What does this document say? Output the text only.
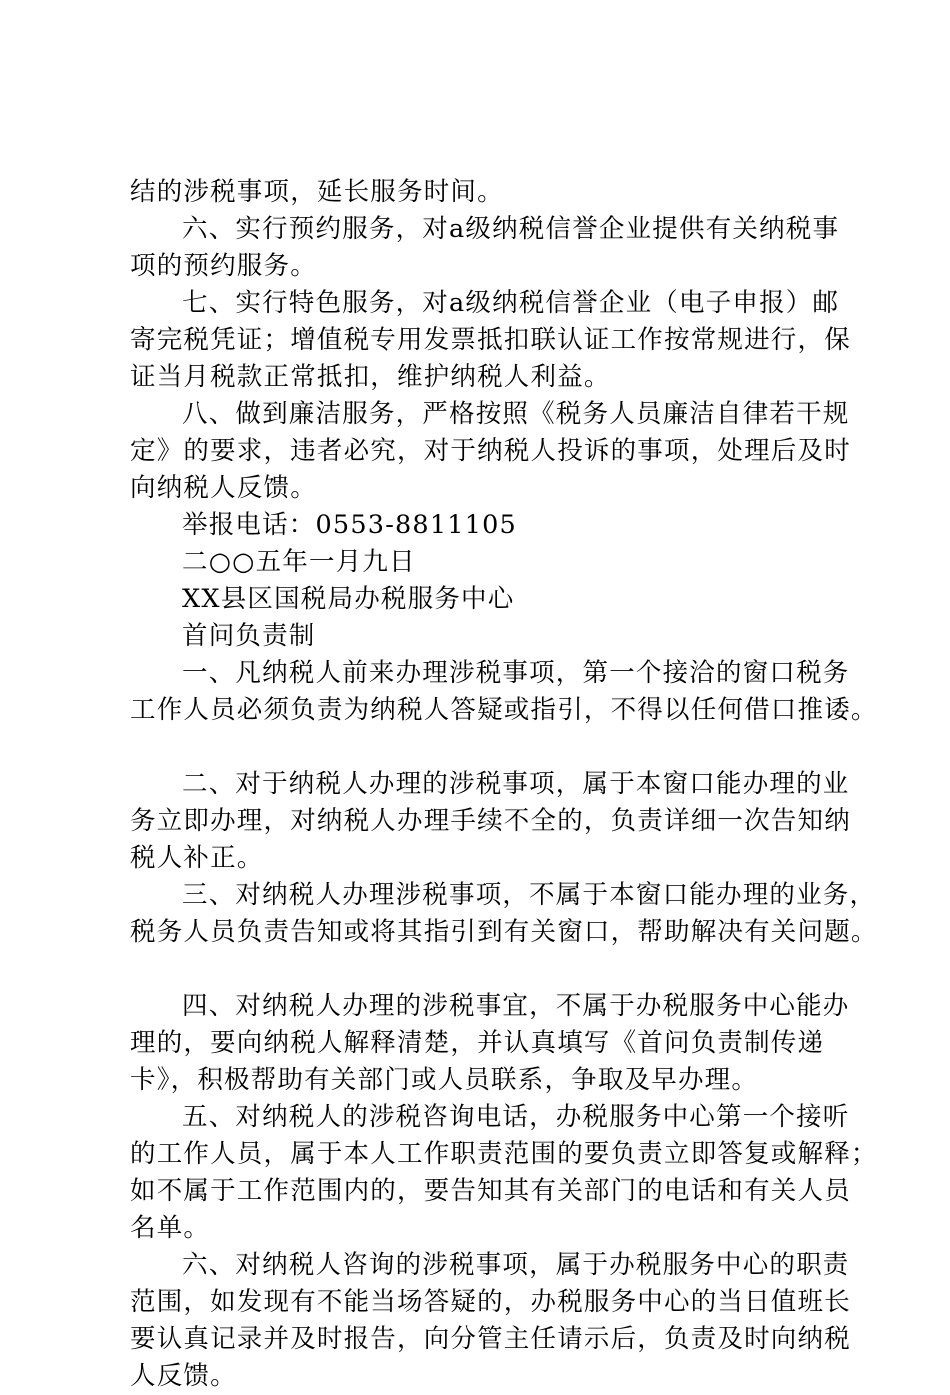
结的涉税事项，延长服务时间。
六、实行预约服务，对a级纳税信誉企业提供有关纳税事
项的预约服务。
七、实行特色服务，对a级纳税信誉企业（电子申报）邮
寄完税凭证；增值税专用发票抵扣联认证工作按常规进行，保
证当月税款正常抵扣，维护纳税人利益。
八、做到廉洁服务，严格按照《税务人员廉洁自律若干规
定》的要求，违者必究，对于纳税人投诉的事项，处理后及时
向纳税人反馈。
举报电话：0553-8811105
二○○五年一月九日
XX县区国税局办税服务中心
首问负责制
一、凡纳税人前来办理涉税事项，第一个接洽的窗口税务
工作人员必须负责为纳税人答疑或指引，不得以任何借口推诿。
二、对于纳税人办理的涉税事项，属于本窗口能办理的业
务立即办理，对纳税人办理手续不全的，负责详细一次告知纳
税人补正。
三、对纳税人办理涉税事项，不属于本窗口能办理的业务，
税务人员负责告知或将其指引到有关窗口，帮助解决有关问题。
四、对纳税人办理的涉税事宜，不属于办税服务中心能办
理的，要向纳税人解释清楚，并认真填写《首问负责制传递
卡》，积极帮助有关部门或人员联系，争取及早办理。
五、对纳税人的涉税咨询电话，办税服务中心第一个接听
的工作人员，属于本人工作职责范围的要负责立即答复或解释；
如不属于工作范围内的，要告知其有关部门的电话和有关人员
名单。
六、对纳税人咨询的涉税事项，属于办税服务中心的职责
范围，如发现有不能当场答疑的，办税服务中心的当日值班长
要认真记录并及时报告，向分管主任请示后，负责及时向纳税
人反馈。
